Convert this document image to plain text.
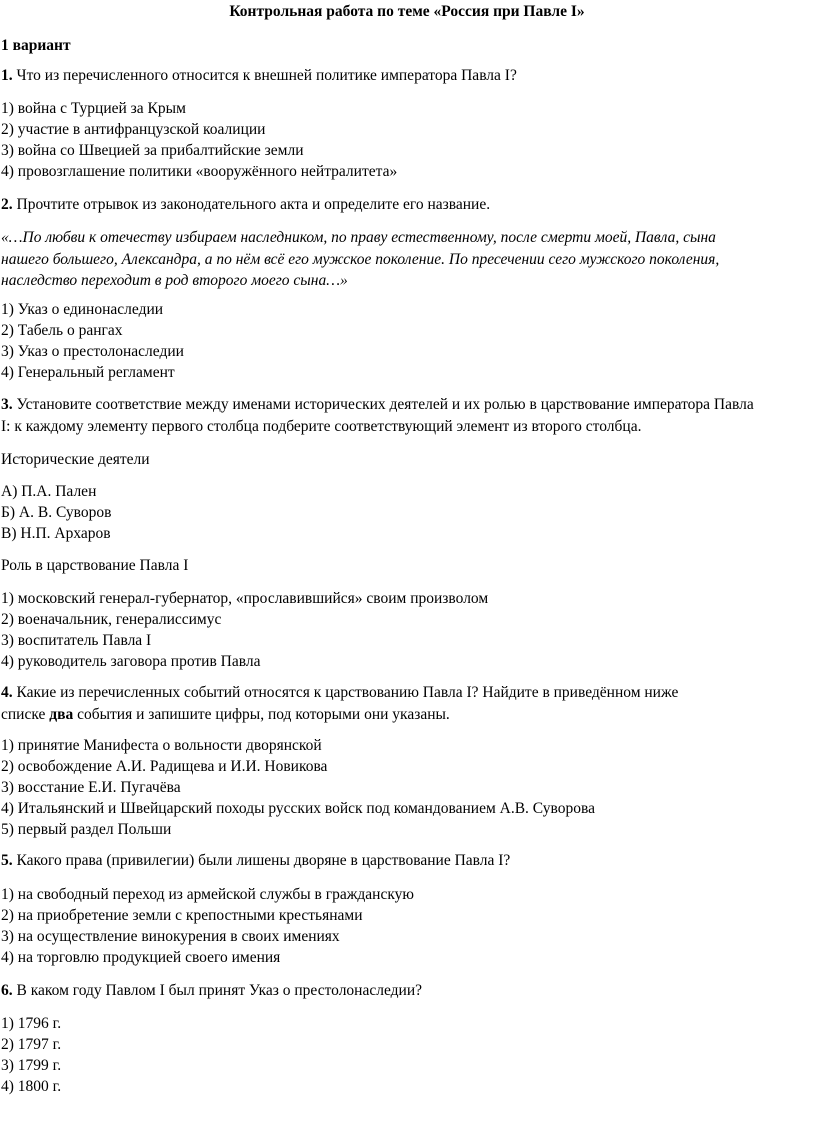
Контрольная работа по теме «Россия при Павле I»
1 вариант
1. Что из перечисленного относится к внешней политике императора Павла I?
1) война с Турцией за Крым
2) участие в антифранцузской коалиции
3) война со Швецией за прибалтийские земли
4) провозглашение политики «вооружённого нейтралитета»
2. Прочтите отрывок из законодательного акта и определите его название.
«…По любви к отечеству избираем наследником, по праву естественному, после смерти моей, Павла, сына
нашего большего, Александра, а по нём всё его мужское поколение. По пресечении сего мужского поколения,
наследство переходит в род второго моего сына…»
1) Указ о единонаследии
2) Табель о рангах
3) Указ о престолонаследии
4) Генеральный регламент
3. Установите соответствие между именами исторических деятелей и их ролью в царствование императора Павла
I: к каждому элементу первого столбца подберите соответствующий элемент из второго столбца.
Исторические деятели
А) П.А. Пален
Б) А. В. Суворов
В) Н.П. Архаров
Роль в царствование Павла I
1) московский генерал-губернатор, «прославившийся» своим произволом
2) военачальник, генералиссимус
3) воспитатель Павла I
4) руководитель заговора против Павла
4. Какие из перечисленных событий относятся к царствованию Павла I? Найдите в приведённом ниже
списке два события и запишите цифры, под которыми они указаны.
1) принятие Манифеста о вольности дворянской
2) освобождение А.И. Радищева и И.И. Новикова
3) восстание Е.И. Пугачёва
4) Итальянский и Швейцарский походы русских войск под командованием А.В. Суворова
5) первый раздел Польши
5. Какого права (привилегии) были лишены дворяне в царствование Павла I?
1) на свободный переход из армейской службы в гражданскую
2) на приобретение земли с крепостными крестьянами
3) на осуществление винокурения в своих имениях
4) на торговлю продукцией своего имения
6. В каком году Павлом I был принят Указ о престолонаследии?
1) 1796 г.
2) 1797 г.
3) 1799 г.
4) 1800 г.
